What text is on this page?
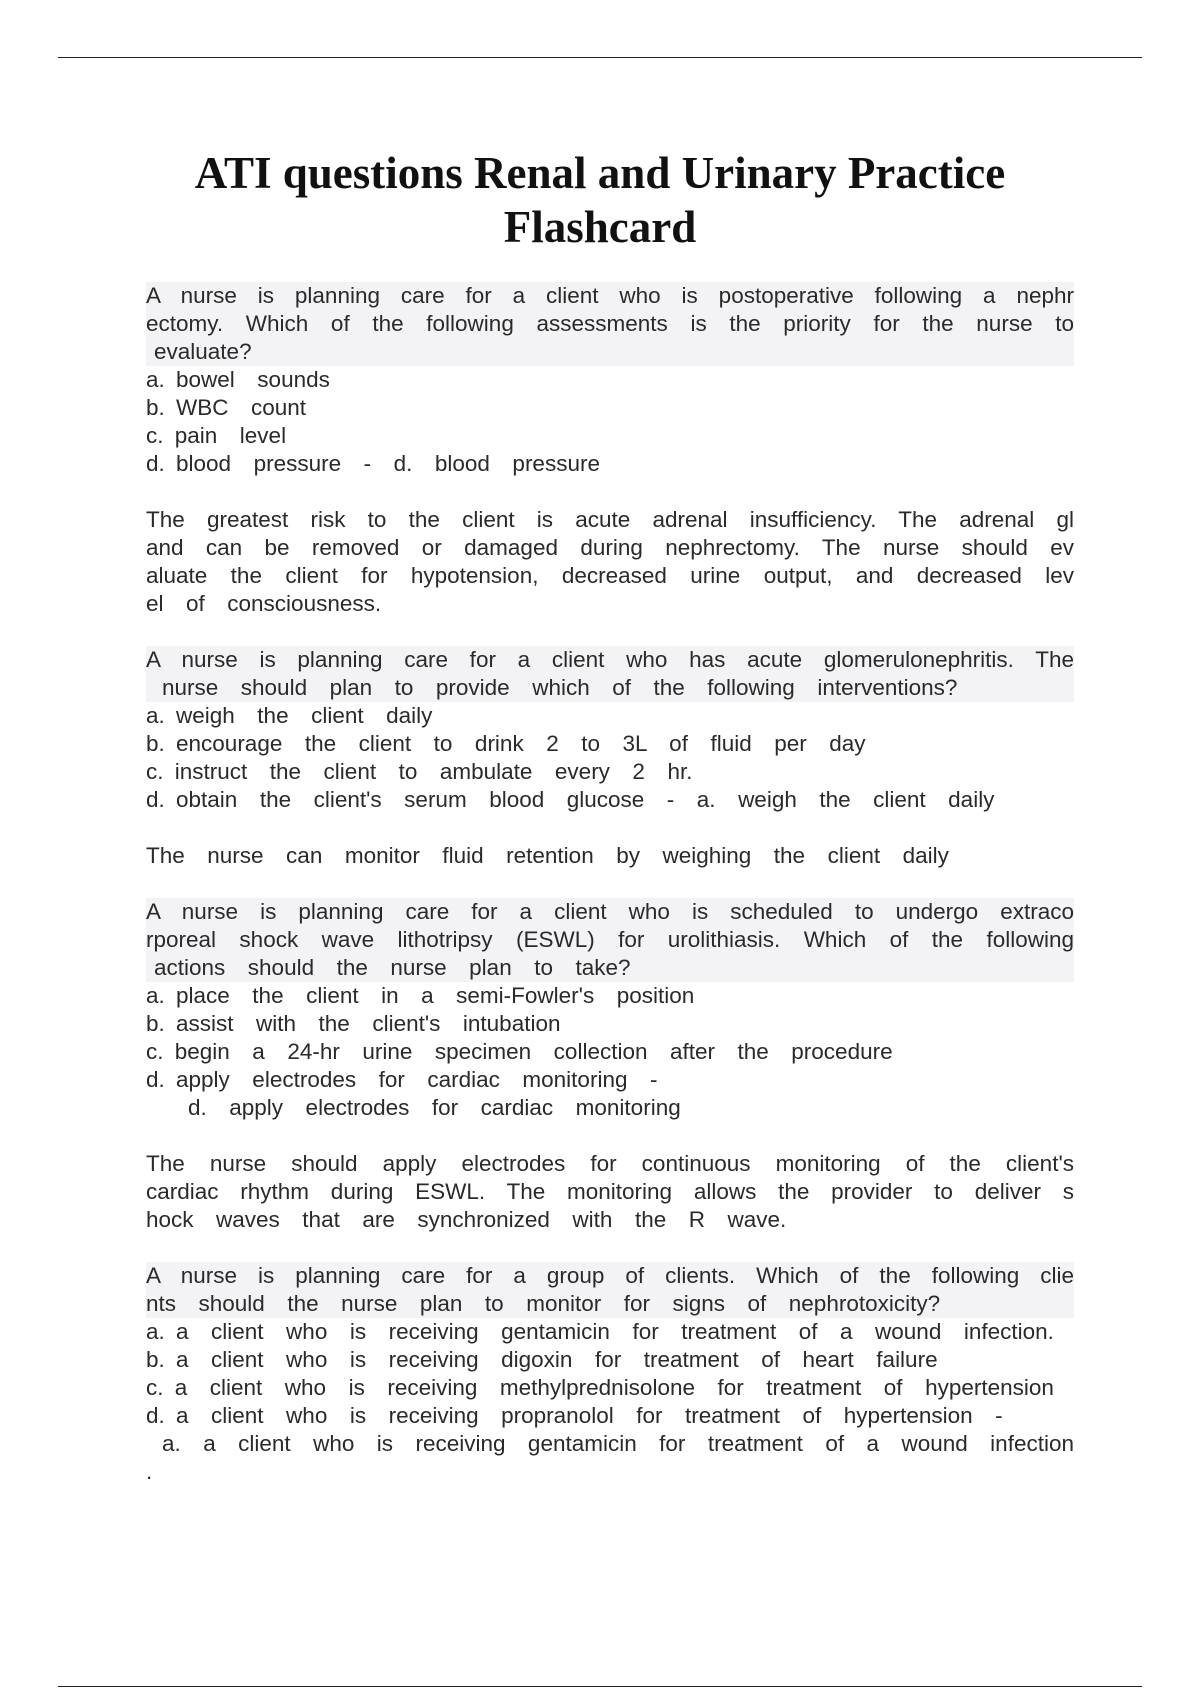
ATI questions Renal and Urinary Practice Flashcard
A nurse is planning care for a client who is postoperative following a nephr
ectomy. Which of the following assessments is the priority for the nurse to
evaluate?
a. bowel  sounds
b. WBC  count
c. pain  level
d. blood  pressure  -  d.  blood  pressure
The greatest risk to the client is acute adrenal insufficiency. The adrenal gl
and can be removed or damaged during nephrectomy. The nurse should ev
aluate the client for hypotension, decreased urine output, and decreased lev
el  of  consciousness.
A nurse is planning care for a client who has acute glomerulonephritis. The
nurse  should  plan  to  provide  which  of  the  following  interventions?
a. weigh  the  client  daily
b. encourage  the  client  to  drink  2  to  3L  of  fluid  per  day
c. instruct  the  client  to  ambulate  every  2  hr.
d. obtain  the  client's  serum  blood  glucose  -  a.  weigh  the  client  daily
The  nurse  can  monitor  fluid  retention  by  weighing  the  client  daily
A nurse is planning care for a client who is scheduled to undergo extraco
rporeal shock wave lithotripsy (ESWL) for urolithiasis. Which of the following
actions  should  the  nurse  plan  to  take?
a. place  the  client  in  a  semi-Fowler's  position
b. assist  with  the  client's  intubation
c. begin  a  24-hr  urine  specimen  collection  after  the  procedure
d. apply  electrodes  for  cardiac  monitoring  -
d.  apply  electrodes  for  cardiac  monitoring
The nurse should apply electrodes for continuous monitoring of the client's
cardiac rhythm during ESWL. The monitoring allows the provider to deliver s
hock  waves  that  are  synchronized  with  the  R  wave.
A nurse is planning care for a group of clients. Which of the following clie
nts  should  the  nurse  plan  to  monitor  for  signs  of  nephrotoxicity?
a. a  client  who  is  receiving  gentamicin  for  treatment  of  a  wound  infection.
b. a  client  who  is  receiving  digoxin  for  treatment  of  heart  failure
c. a  client  who  is  receiving  methylprednisolone  for  treatment  of  hypertension
d. a  client  who  is  receiving  propranolol  for  treatment  of  hypertension  -
a. a client who is receiving gentamicin for treatment of a wound infection
.
